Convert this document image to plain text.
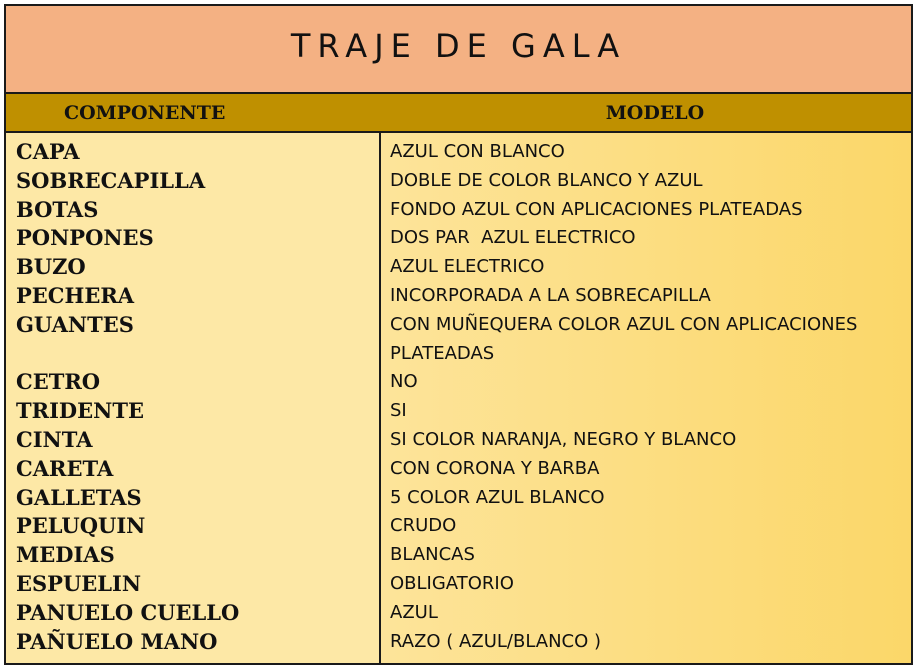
TRAJE DE GALA
COMPONENTE	MODELO
CAPA
SOBRECAPILLA
BOTAS
PONPONES
BUZO
PECHERA
GUANTES
CETRO
TRIDENTE
CINTA
CARETA
GALLETAS
PELUQUIN
MEDIAS
ESPUELIN
PANUELO CUELLO
PAÑUELO MANO
AZUL CON BLANCO
DOBLE DE COLOR BLANCO Y AZUL
FONDO AZUL CON APLICACIONES PLATEADAS
DOS PAR  AZUL ELECTRICO
AZUL ELECTRICO
INCORPORADA A LA SOBRECAPILLA
CON MUÑEQUERA COLOR AZUL CON APLICACIONES PLATEADAS
NO
SI
SI COLOR NARANJA, NEGRO Y BLANCO
CON CORONA Y BARBA
5 COLOR AZUL BLANCO
CRUDO
BLANCAS
OBLIGATORIO
AZUL
RAZO ( AZUL/BLANCO )
